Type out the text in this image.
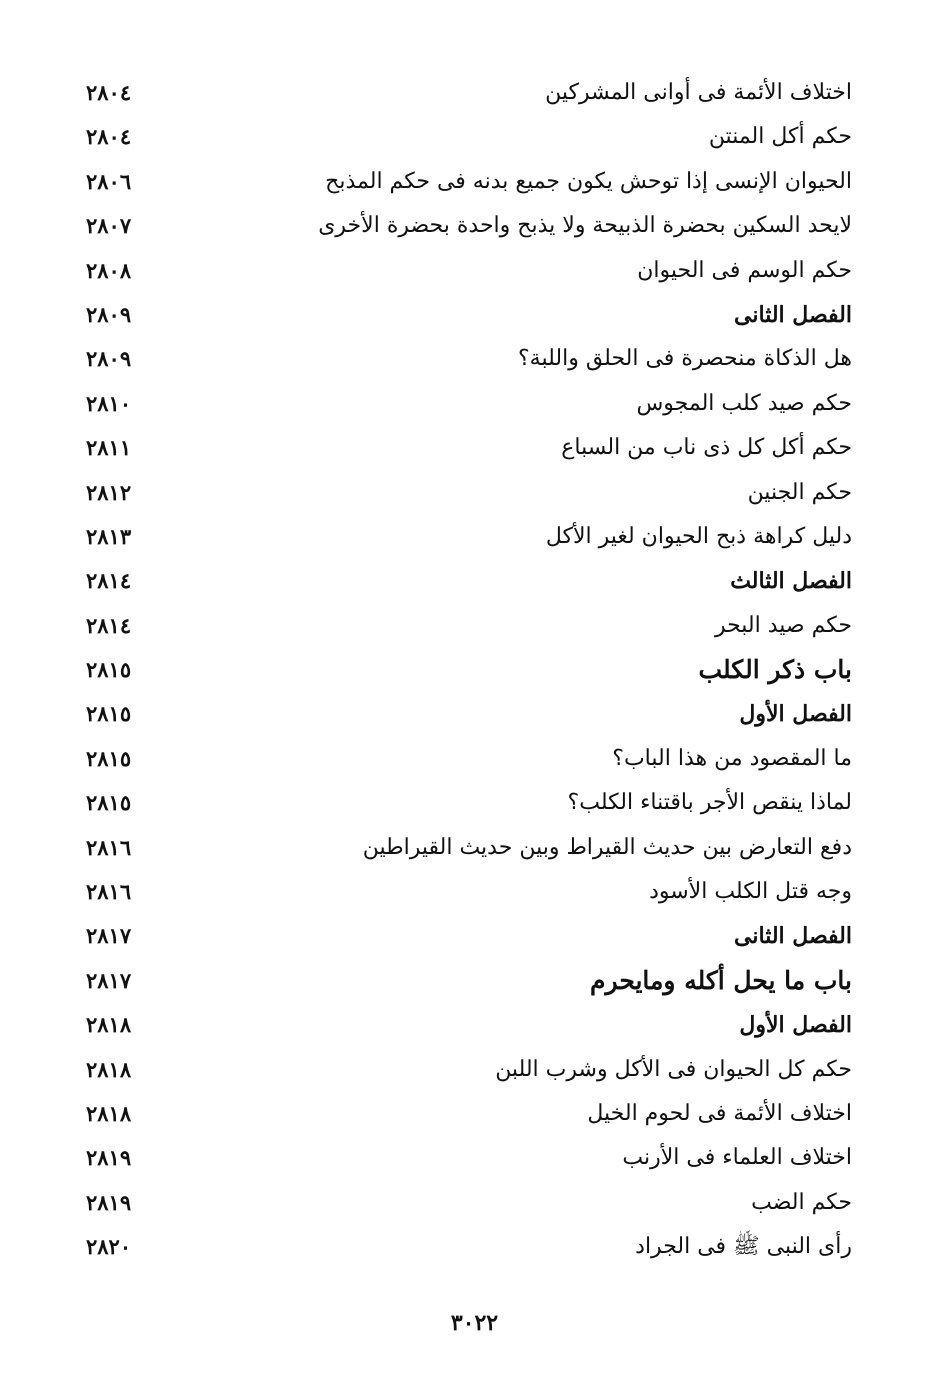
اختلاف الأئمة فى أوانى المشركين
٢٨٠٤
حكم أكل المنتن
٢٨٠٤
الحيوان الإنسى إذا توحش يكون جميع بدنه فى حكم المذبح
٢٨٠٦
لايحد السكين بحضرة الذبيحة ولا يذبح واحدة بحضرة الأخرى
٢٨٠٧
حكم الوسم فى الحيوان
٢٨٠٨
الفصل الثانى
٢٨٠٩
هل الذكاة منحصرة فى الحلق واللبة؟
٢٨٠٩
حكم صيد كلب المجوس
٢٨١٠
حكم أكل كل ذى ناب من السباع
٢٨١١
حكم الجنين
٢٨١٢
دليل كراهة ذبح الحيوان لغير الأكل
٢٨١٣
الفصل الثالث
٢٨١٤
حكم صيد البحر
٢٨١٤
باب ذكر الكلب
٢٨١٥
الفصل الأول
٢٨١٥
ما المقصود من هذا الباب؟
٢٨١٥
لماذا ينقص الأجر باقتناء الكلب؟
٢٨١٥
دفع التعارض بين حديث القيراط وبين حديث القيراطين
٢٨١٦
وجه قتل الكلب الأسود
٢٨١٦
الفصل الثانى
٢٨١٧
باب ما يحل أكله ومايحرم
٢٨١٧
الفصل الأول
٢٨١٨
حكم كل الحيوان فى الأكل وشرب اللبن
٢٨١٨
اختلاف الأئمة فى لحوم الخيل
٢٨١٨
اختلاف العلماء فى الأرنب
٢٨١٩
حكم الضب
٢٨١٩
رأى النبى ﷺ فى الجراد
٢٨٢٠
٣٠٢٢
